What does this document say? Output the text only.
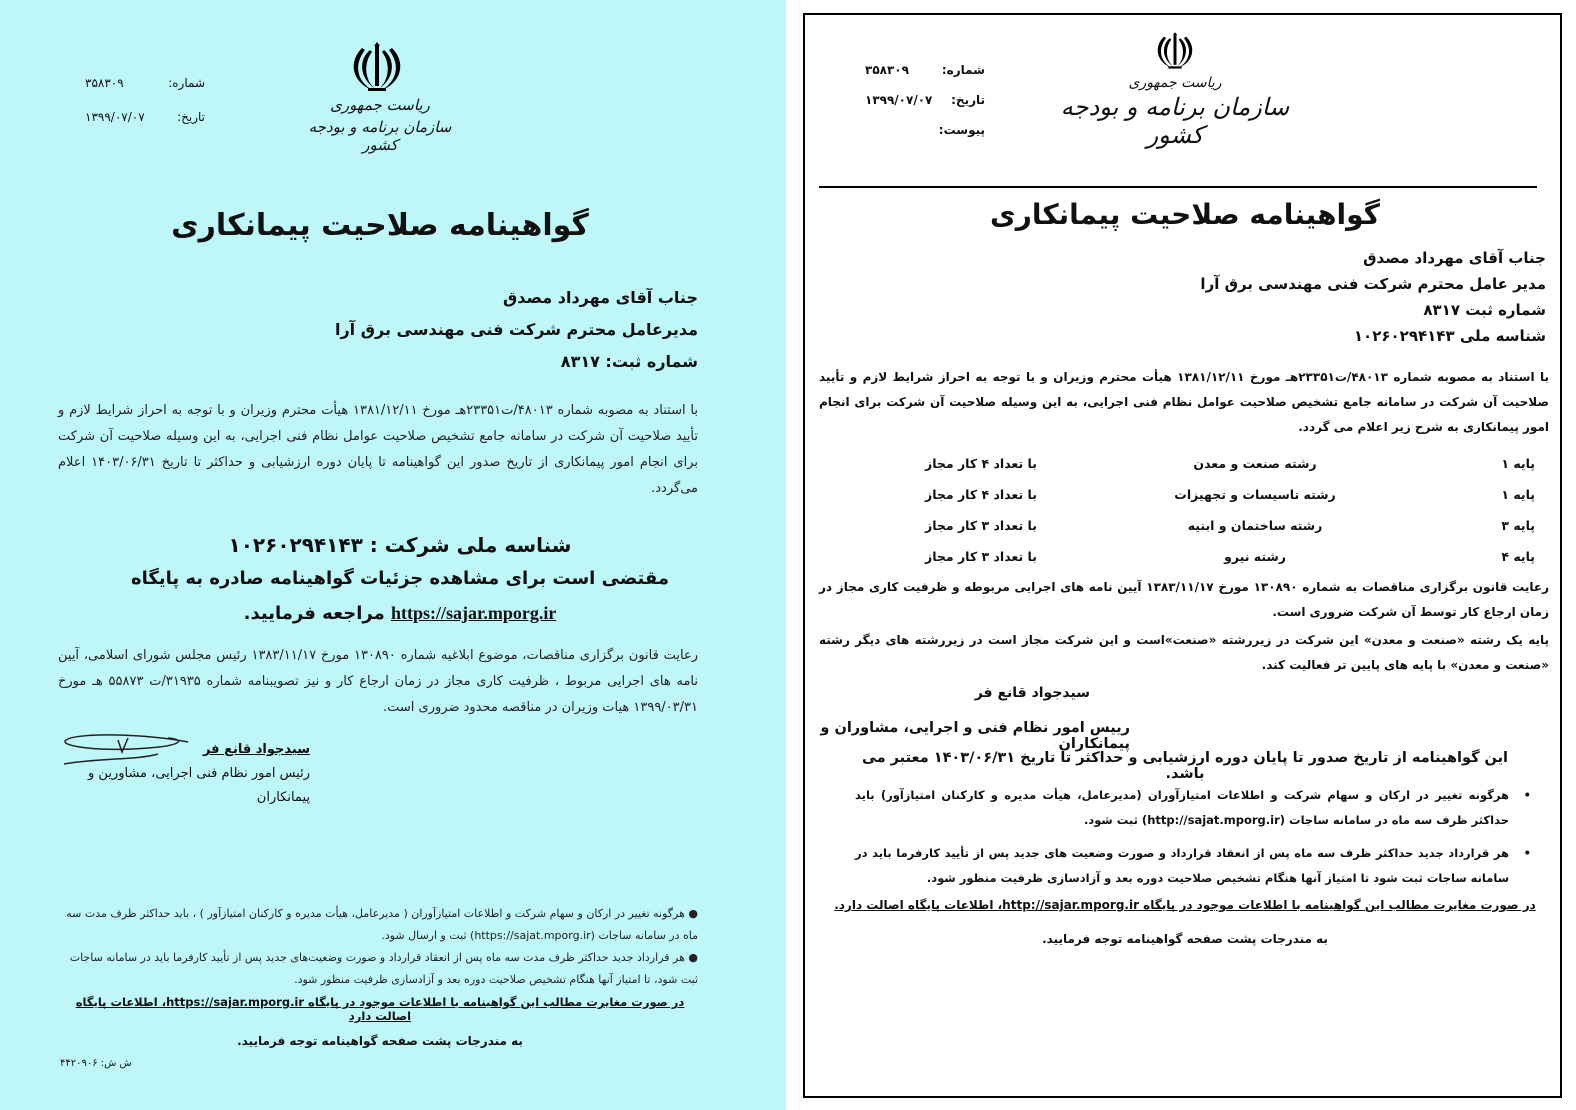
شماره:
۳۵۸۳۰۹
تاریخ:
۱۳۹۹/۰۷/۰۷
ریاست جمهوری
سازمان برنامه و بودجه کشور
گواهینامه صلاحیت پیمانکاری
جناب آقای مهرداد مصدق
مدیرعامل محترم شرکت فنی مهندسی برق آرا
شماره ثبت: ۸۳۱۷
با استناد به مصوبه شماره ۴۸۰۱۳/ت۲۳۳۵۱هـ مورخ ۱۳۸۱/۱۲/۱۱ هیأت محترم وزیران و با توجه به احراز شرایط لازم و تأیید صلاحیت آن شرکت در سامانه جامع تشخیص صلاحیت عوامل نظام فنی اجرایی، به این وسیله صلاحیت آن شرکت برای انجام امور پیمانکاری از تاریخ صدور این گواهینامه تا پایان دوره ارزشیابی و حداکثر تا تاریخ ۱۴۰۳/۰۶/۳۱ اعلام می‌گردد.
شناسه ملی شرکت : ۱۰۲۶۰۲۹۴۱۴۳
مقتضی است برای مشاهده جزئیات گواهینامه صادره به پایگاه
https://sajar.mporg.ir مراجعه فرمایید.
رعایت قانون برگزاری مناقصات، موضوع ابلاغیه شماره ۱۳۰۸۹۰ مورخ ۱۳۸۳/۱۱/۱۷ رئیس مجلس شورای اسلامی، آیین نامه های اجرایی مربوط ، ظرفیت کاری مجاز در زمان ارجاع کار و نیز تصویبنامه شماره ۳۱۹۳۵/ت ۵۵۸۷۳ هـ مورخ ۱۳۹۹/۰۳/۳۱ هیات وزیران در مناقصه محدود ضروری است.
سیدجواد قانع فر
رئیس امور نظام فنی اجرایی، مشاورین و پیمانکاران

● هرگونه تغییر در ارکان و سهام شرکت و اطلاعات امتیازآوران ( مدیرعامل، هیأت مدیره و کارکنان امتیازآور ) ، باید حداکثر ظرف مدت سه ماه در سامانه ساجات (https://sajat.mporg.ir) ثبت و ارسال شود.

● هر قرارداد جدید حداکثر ظرف مدت سه ماه پس از انعقاد قرارداد و صورت وضعیت‌های جدید پس از تأیید کارفرما باید در سامانه ساجات ثبت شود، تا امتیاز آنها هنگام تشخیص صلاحیت دوره بعد و آزادسازی ظرفیت منظور شود.

در صورت مغایرت مطالب این گواهینامه با اطلاعات موجود در پایگاه https://sajar.mporg.ir، اطلاعات پایگاه اصالت دارد
به مندرجات پشت صفحه گواهینامه توجه فرمایید.
ش ش: ۴۴۲۰۹۰۶
شماره:
۳۵۸۳۰۹
تاریخ:
۱۳۹۹/۰۷/۰۷
پیوست:
ریاست جمهوری
سازمان برنامه و بودجه کشور
گواهینامه صلاحیت پیمانکاری
جناب آقای مهرداد مصدق
مدیر عامل محترم شرکت فنی مهندسی برق آرا
شماره ثبت ۸۳۱۷
شناسه ملی ۱۰۲۶۰۲۹۴۱۴۳
با استناد به مصوبه شماره ۴۸۰۱۳/ت۲۳۳۵۱هـ مورخ ۱۳۸۱/۱۲/۱۱ هیأت محترم وزیران و با توجه به احراز شرایط لازم و تأیید صلاحیت آن شرکت در سامانه جامع تشخیص صلاحیت عوامل نظام فنی اجرایی، به این وسیله صلاحیت آن شرکت برای انجام امور پیمانکاری به شرح زیر اعلام می گردد.
پایه ۱
رشته صنعت و معدن
با تعداد ۴ کار مجاز
پایه ۱
رشته تاسیسات و تجهیزات
با تعداد ۴ کار مجاز
پایه ۳
رشته ساختمان و ابنیه
با تعداد ۳ کار مجاز
پایه ۴
رشته نیرو
با تعداد ۳ کار مجاز
رعایت قانون برگزاری مناقصات به شماره ۱۳۰۸۹۰ مورخ ۱۳۸۳/۱۱/۱۷ آیین نامه های اجرایی مربوطه و ظرفیت کاری مجاز در زمان ارجاع کار توسط آن شرکت ضروری است.
پایه یک رشته «صنعت و معدن» این شرکت در زیررشته «صنعت»است و این شرکت مجاز است در زیررشته های دیگر رشته «صنعت و معدن» با پایه های پایین تر فعالیت کند.
سیدجواد قانع فر
رییس امور نظام فنی و اجرایی، مشاوران و پیمانکاران
این گواهینامه از تاریخ صدور تا پایان دوره ارزشیابی و حداکثر تا تاریخ ۱۴۰۳/۰۶/۳۱ معتبر می باشد.
•
هرگونه تغییر در ارکان و سهام شرکت و اطلاعات امتیازآوران (مدیرعامل، هیأت مدیره و کارکنان امتیازآور) باید حداکثر ظرف سه ماه در سامانه ساجات (http://sajat.mporg.ir) ثبت شود.
•
هر قرارداد جدید حداکثر ظرف سه ماه پس از انعقاد قرارداد و صورت وضعیت های جدید پس از تأیید کارفرما باید در سامانه ساجات ثبت شود تا امتیاز آنها هنگام تشخیص صلاحیت دوره بعد و آزادسازی ظرفیت منظور شود.
در صورت مغایرت مطالب این گواهینامه با اطلاعات موجود در پایگاه http://sajar.mporg.ir، اطلاعات پایگاه اصالت دارد.
به مندرجات پشت صفحه گواهینامه توجه فرمایید.
